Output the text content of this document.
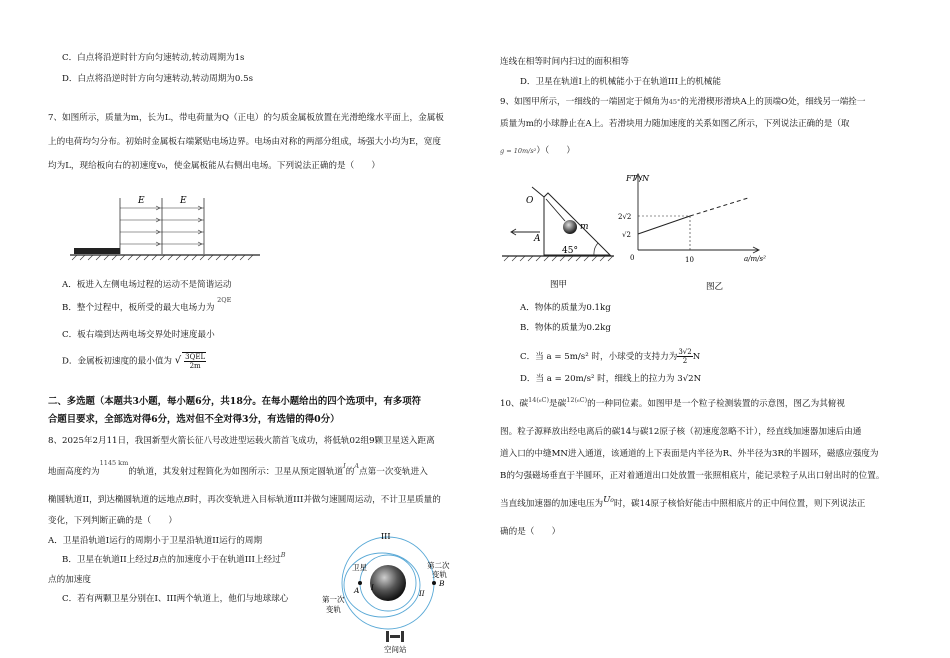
C．白点将沿逆时针方向匀速转动,转动周期为1s
D．白点将沿逆时针方向匀速转动,转动周期为0.5s
7、如图所示，质量为m，长为L，带电荷量为Q（正电）的匀质金属板放置在光滑绝缘水平面上，金属板
上的电荷均匀分布。初始时金属板右端紧贴电场边界。电场由对称的两部分组成，场强大小均为E，宽度
均为L，现给板向右的初速度v₀，使金属板能从右侧出电场。下列说法正确的是（　　）
E	E
A．板进入左侧电场过程的运动不是简谐运动
B．整个过程中，板所受的最大电场力为 $^{2QE}$
C．板右端到达两电场交界处时速度最小
D．金属板初速度的最小值为 √ $\frac{\text{3QEL}}{2m}$
二、多选题（本题共3小题，每小题6分，共18分。在每小题给出的四个选项中，有多项符
合题目要求，全部选对得6分，选对但不全对得3分，有选错的得0分）
8、2025年2月11日，我国新型火箭长征八号改进型运载火箭首飞成功，将低轨02组9颗卫星送入距离
地面高度约为$^{1145 km}$的轨道，其发射过程简化为如图所示：卫星从预定圆轨道$^I$的$^A$点第一次变轨进入
椭圆轨道II，到达椭圆轨道的远地点B时，再次变轨进入目标轨道III并做匀速圆周运动，不计卫星质量的
变化，下列判断正确的是（　　）
A．卫星沿轨道I运行的周期小于卫星沿轨道II运行的周期
B．卫星在轨道II上经过B点的加速度小于在轨道III上经过$^B$
点的加速度
C．若有两颗卫星分别在I、III两个轨道上，他们与地球球心
III
卫星	第二次
变轨
I
II
A
B
第一次
变轨
空间站
连线在相等时间内扫过的面积相等
D．卫星在轨道I上的机械能小于在轨道III上的机械能
9、如图甲所示，一细线的一端固定于倾角为45°的光滑楔形滑块A上的顶端O处，细线另一端拴一
质量为m的小球静止在A上。若滑块用力随加速度的关系如图乙所示，下列说法正确的是（取
g = 10m/s²）（　　）
O
m
A
45°
图甲
FT /N
2√2
√2
0	10	a/m/s²
图乙
A．物体的质量为0.1kg
B．物体的质量为0.2kg
C．当 a = 5m/s² 时，小球受的支持力为 $\frac{3√2}{2}$ N
D．当 a = 20m/s² 时，细线上的拉力为 3√2N
10、碳$^{14(_6C)}$是碳$^{12(_6C)}$的一种同位素。如图甲是一个粒子检测装置的示意图，图乙为其俯视
图。粒子源释放出经电离后的碳14与碳12原子核（初速度忽略不计），经直线加速器加速后由通
道入口的中缝MN进入通道，该通道的上下表面是内半径为R、外半径为3R的半圆环，磁感应强度为
B的匀强磁场垂直于半圆环，正对着通道出口处放置一张照相底片，能记录粒子从出口射出时的位置。
当直线加速器的加速电压为U₀时，碳14原子核恰好能击中照相底片的正中间位置，则下列说法正
确的是（　　）
